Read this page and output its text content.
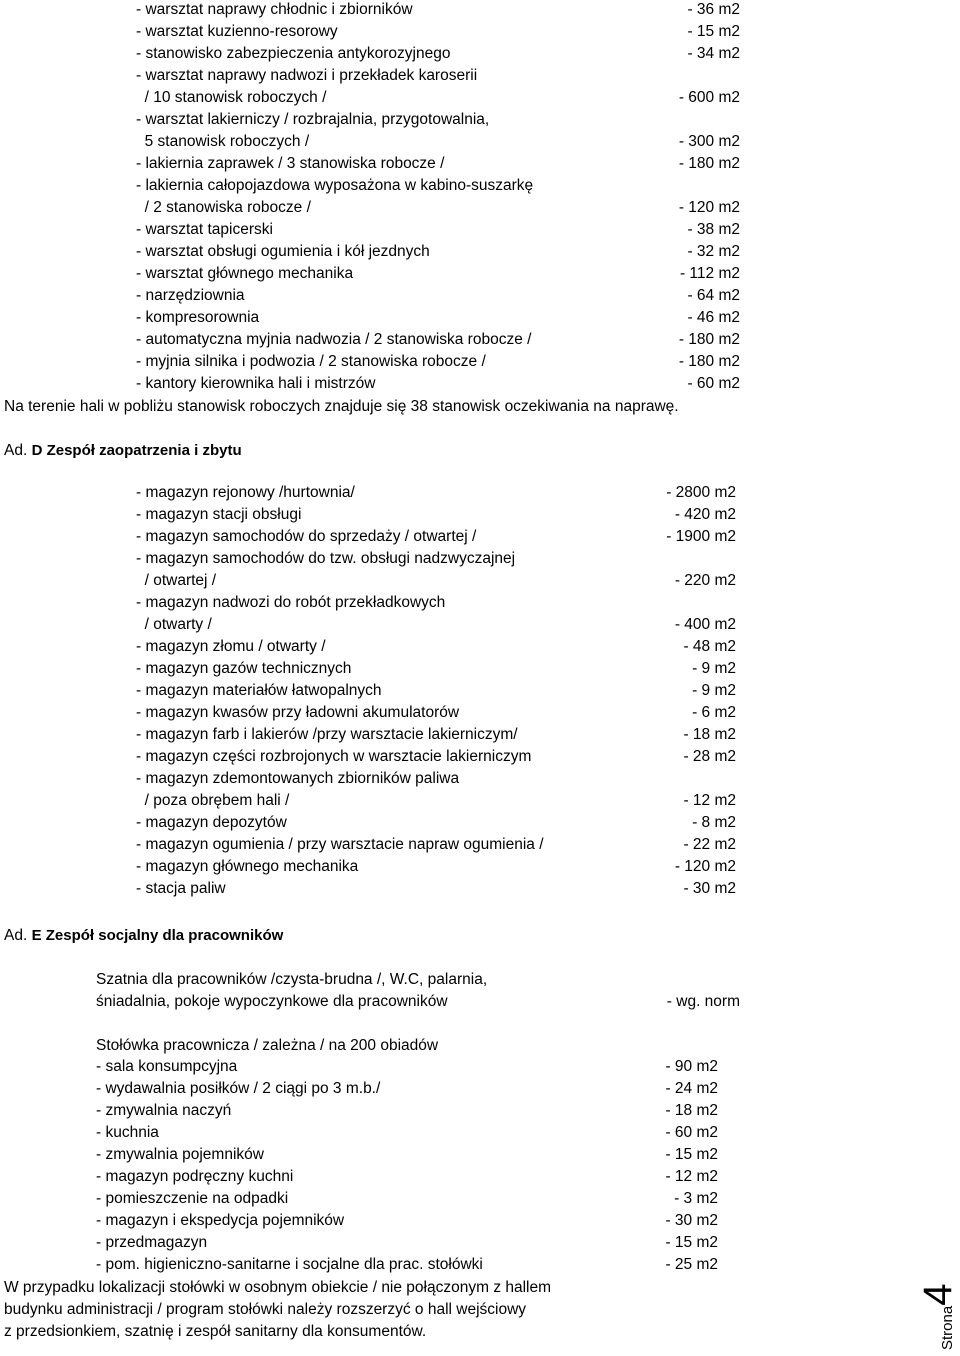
- warsztat naprawy chłodnic i zbiorników	- 36 m2
- warsztat kuzienno-resorowy	- 15 m2
- stanowisko zabezpieczenia antykorozyjnego	- 34 m2
- warsztat naprawy nadwozi i przekładek karoserii
/ 10 stanowisk roboczych /	- 600 m2
- warsztat lakierniczy / rozbrajalnia, przygotowalnia,
5 stanowisk roboczych /	- 300 m2
- lakiernia zaprawek / 3 stanowiska robocze /	- 180 m2
- lakiernia całopojazdowa wyposażona w kabino-suszarkę
/ 2 stanowiska robocze /	- 120 m2
- warsztat tapicerski	- 38 m2
- warsztat obsługi ogumienia i kół jezdnych	- 32 m2
- warsztat głównego mechanika	- 112 m2
- narzędziownia	- 64 m2
- kompresorownia	- 46 m2
- automatyczna myjnia nadwozia / 2 stanowiska robocze /	- 180 m2
- myjnia silnika i podwozia / 2 stanowiska robocze /	- 180 m2
- kantory kierownika hali i mistrzów	- 60 m2
Na terenie hali w pobliżu stanowisk roboczych znajduje się 38 stanowisk oczekiwania na naprawę.
Ad. D Zespół zaopatrzenia i zbytu
- magazyn rejonowy /hurtownia/	- 2800 m2
- magazyn stacji obsługi	- 420 m2
- magazyn samochodów do sprzedaży / otwartej /	- 1900 m2
- magazyn samochodów do tzw. obsługi nadzwyczajnej
/ otwartej /	- 220 m2
- magazyn nadwozi do robót przekładkowych
/ otwarty /	- 400 m2
- magazyn złomu / otwarty /	- 48 m2
- magazyn gazów technicznych	- 9 m2
- magazyn materiałów łatwopalnych	- 9 m2
- magazyn kwasów przy ładowni akumulatorów	- 6 m2
- magazyn farb i lakierów /przy warsztacie lakierniczym/	- 18 m2
- magazyn części rozbrojonych w warsztacie lakierniczym	- 28 m2
- magazyn zdemontowanych zbiorników paliwa
/ poza obrębem hali /	- 12 m2
- magazyn depozytów	- 8 m2
- magazyn ogumienia / przy warsztacie napraw ogumienia /	- 22 m2
- magazyn głównego mechanika	- 120 m2
- stacja paliw	- 30 m2
Ad. E Zespół socjalny dla pracowników
Szatnia dla pracowników /czysta-brudna /, W.C, palarnia,
śniadalnia, pokoje wypoczynkowe dla pracowników	- wg. norm
Stołówka pracownicza / zależna / na 200 obiadów
- sala konsumpcyjna	- 90 m2
- wydawalnia posiłków / 2 ciągi po 3 m.b./	- 24 m2
- zmywalnia naczyń	- 18 m2
- kuchnia	- 60 m2
- zmywalnia pojemników	- 15 m2
- magazyn podręczny kuchni	- 12 m2
- pomieszczenie na odpadki	- 3 m2
- magazyn i ekspedycja pojemników	- 30 m2
- przedmagazyn	- 15 m2
- pom. higieniczno-sanitarne i socjalne dla prac. stołówki	- 25 m2
W przypadku lokalizacji stołówki w osobnym obiekcie / nie połączonym z hallem
budynku administracji / program stołówki należy rozszerzyć o hall wejściowy
z przedsionkiem, szatnię i zespół sanitarny dla konsumentów.	Strona4
